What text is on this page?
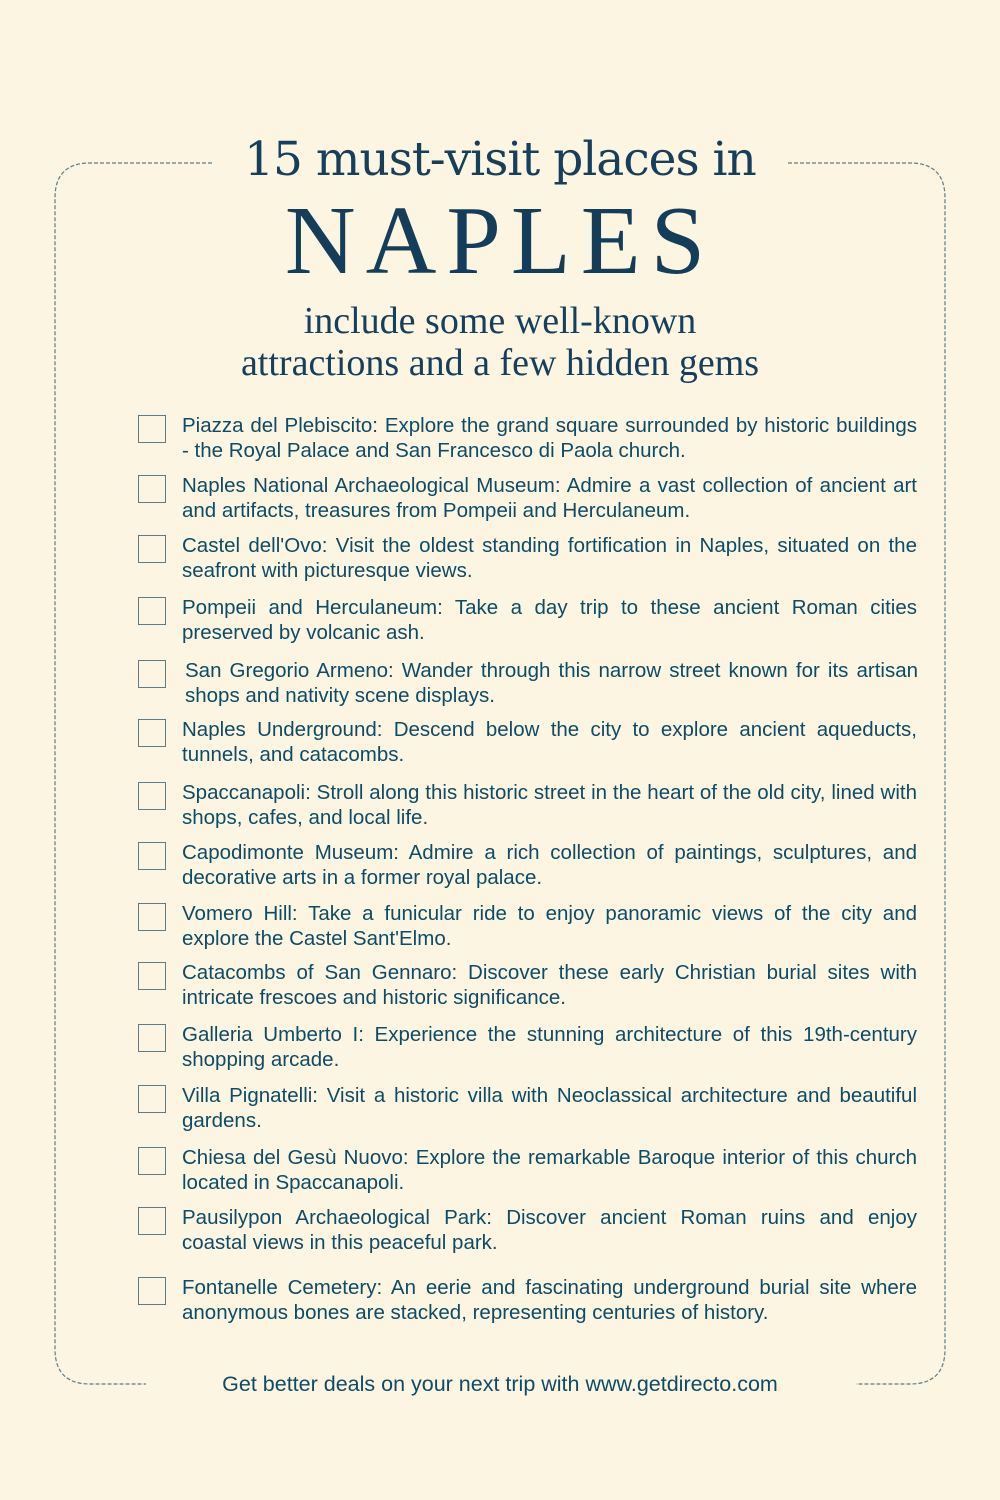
15 must-visit places in
NAPLES
include some well-known
attractions and a few hidden gems
Piazza del Plebiscito: Explore the grand square surrounded by historic buildings - the Royal Palace and San Francesco di Paola church.
Naples National Archaeological Museum: Admire a vast collection of ancient art and artifacts, treasures from Pompeii and Herculaneum.
Castel dell'Ovo: Visit the oldest standing fortification in Naples, situated on the seafront with picturesque views.
Pompeii and Herculaneum: Take a day trip to these ancient Roman cities preserved by volcanic ash.
San Gregorio Armeno: Wander through this narrow street known for its artisan shops and nativity scene displays.
Naples Underground: Descend below the city to explore ancient aqueducts, tunnels, and catacombs.
Spaccanapoli: Stroll along this historic street in the heart of the old city, lined with shops, cafes, and local life.
Capodimonte Museum: Admire a rich collection of paintings, sculptures, and decorative arts in a former royal palace.
Vomero Hill: Take a funicular ride to enjoy panoramic views of the city and explore the Castel Sant'Elmo.
Catacombs of San Gennaro: Discover these early Christian burial sites with intricate frescoes and historic significance.
Galleria Umberto I: Experience the stunning architecture of this 19th-century shopping arcade.
Villa Pignatelli: Visit a historic villa with Neoclassical architecture and beautiful gardens.
Chiesa del Gesù Nuovo: Explore the remarkable Baroque interior of this church located in Spaccanapoli.
Pausilypon Archaeological Park: Discover ancient Roman ruins and enjoy coastal views in this peaceful park.
Fontanelle Cemetery: An eerie and fascinating underground burial site where anonymous bones are stacked, representing centuries of history.
Get better deals on your next trip with www.getdirecto.com
